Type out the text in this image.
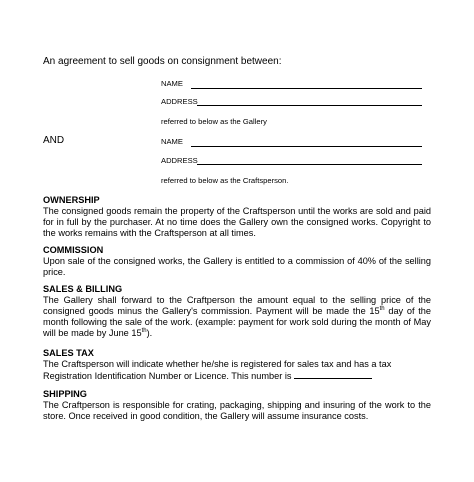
An agreement to sell goods on consignment between:
NAME
ADDRESS
referred to below as the Gallery
AND	NAME
ADDRESS
referred to below as the Craftsperson.
OWNERSHIP
The consigned goods remain the property of the Craftsperson until the works are sold and paid
for in full by the purchaser. At no time does the Gallery own the consigned works. Copyright to
the works remains with the Craftsperson at all times.
COMMISSION
Upon sale of the consigned works, the Gallery is entitled to a commission of 40% of the selling
price.
SALES & BILLING
The Gallery shall forward to the Craftperson the amount equal to the selling price of the
consigned goods minus the Gallery's commission. Payment will be made the 15th day of the
month following the sale of the work. (example: payment for work sold during the month of May
will be made by June 15th).
SALES TAX
The Craftsperson will indicate whether he/she is registered for sales tax and has a tax
Registration Identification Number or Licence. This number is
SHIPPING
The Craftperson is responsible for crating, packaging, shipping and insuring of the work to the
store. Once received in good condition, the Gallery will assume insurance costs.
